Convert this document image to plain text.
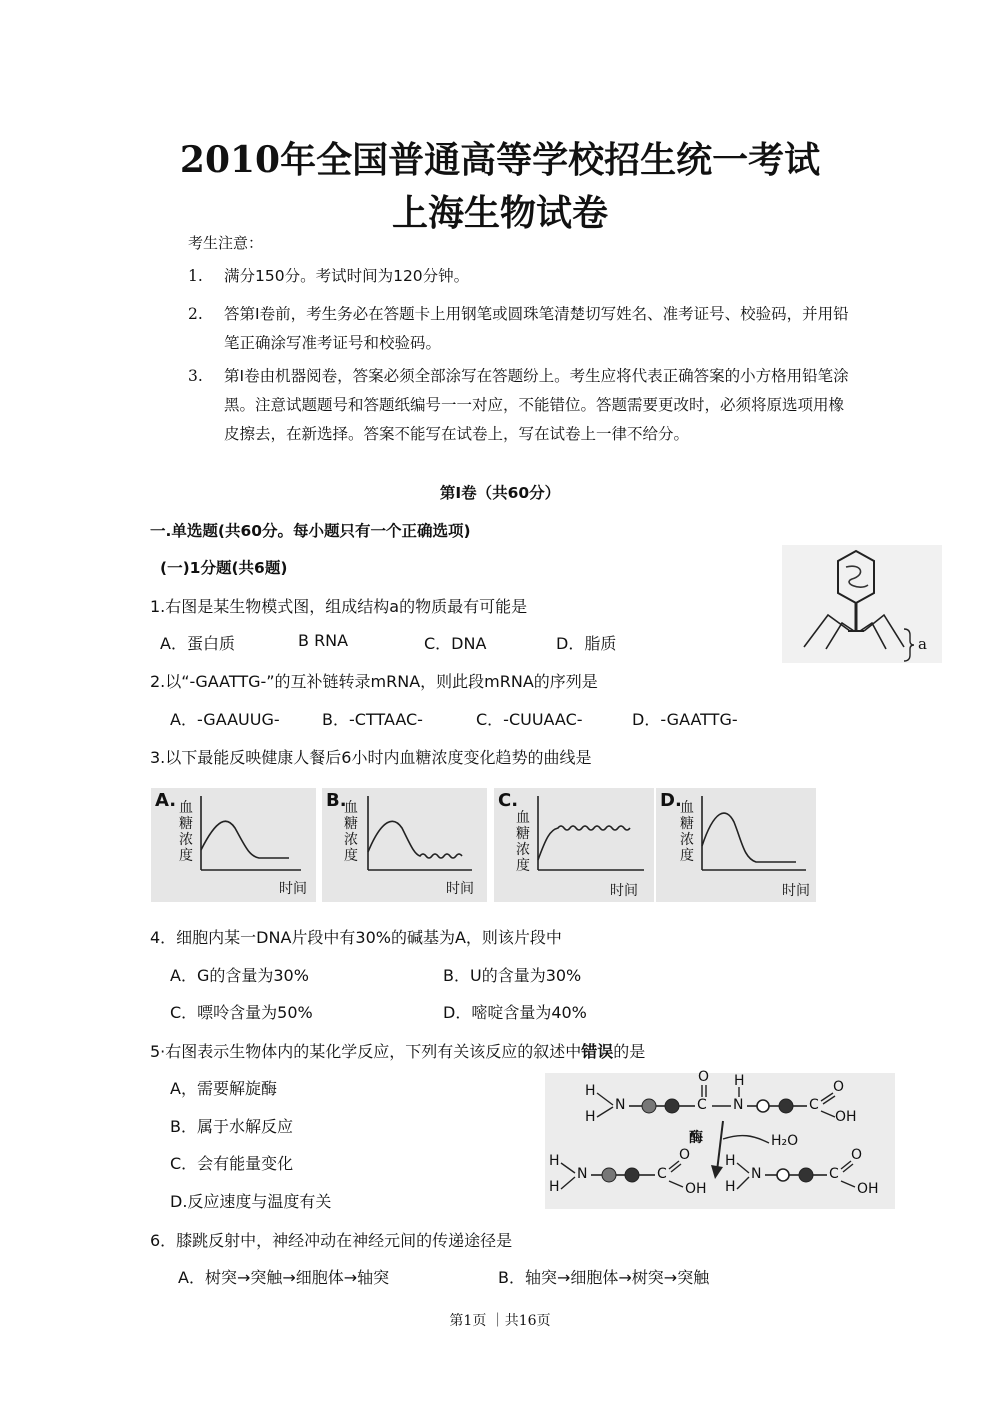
2010年全国普通高等学校招生统一考试
上海生物试卷
考生注意：
1. 满分150分。考试时间为120分钟。
2. 答第Ⅰ卷前，考生务必在答题卡上用钢笔或圆珠笔清楚切写姓名、准考证号、校验码，并用铅笔正确涂写准考证号和校验码。
3. 第Ⅰ卷由机器阅卷，答案必须全部涂写在答题纷上。考生应将代表正确答案的小方格用铅笔涂黑。注意试题题号和答题纸编号一一对应，不能错位。答题需要更改时，必须将原选项用橡皮擦去，在新选择。答案不能写在试卷上，写在试卷上一律不给分。
第Ⅰ卷（共60分）
一.单选题(共60分。每小题只有一个正确选项)
(一)1分题(共6题)
1.右图是某生物模式图，组成结构a的物质最有可能是
A．蛋白质	B RNA	C．DNA	D．脂质	a
2.以“-GAATTG-”的互补链转录mRNA，则此段mRNA的序列是
A．-GAAUUG-	B．-CTTAAC-	C．-CUUAAC-	D．-GAATTG-
3.以下最能反映健康人餐后6小时内血糖浓度变化趋势的曲线是
A. 血糖浓度
时间
B.
血糖浓度
时间
C.
血糖浓度
时间
D.
血糖浓度
时间
4．细胞内某一DNA片段中有30%的碱基为A，则该片段中
A．G的含量为30%	B．U的含量为30%
C．嘌呤含量为50%	D．嘧啶含量为40%
5·右图表示生物体内的某化学反应，下列有关该反应的叙述中错误的是
A，需要解旋酶
B．属于水解反应
C．会有能量变化
D.反应速度与温度有关
H
H
N	C
O
N
H
C
O
OH
酶	H₂O
H
H
N	C
O
OH
H
H
N	C
O
OH
6．膝跳反射中，神经冲动在神经元间的传递途径是
A．树突→突触→细胞体→轴突	B．轴突→细胞体→树突→突触
第1页 ｜共16页
